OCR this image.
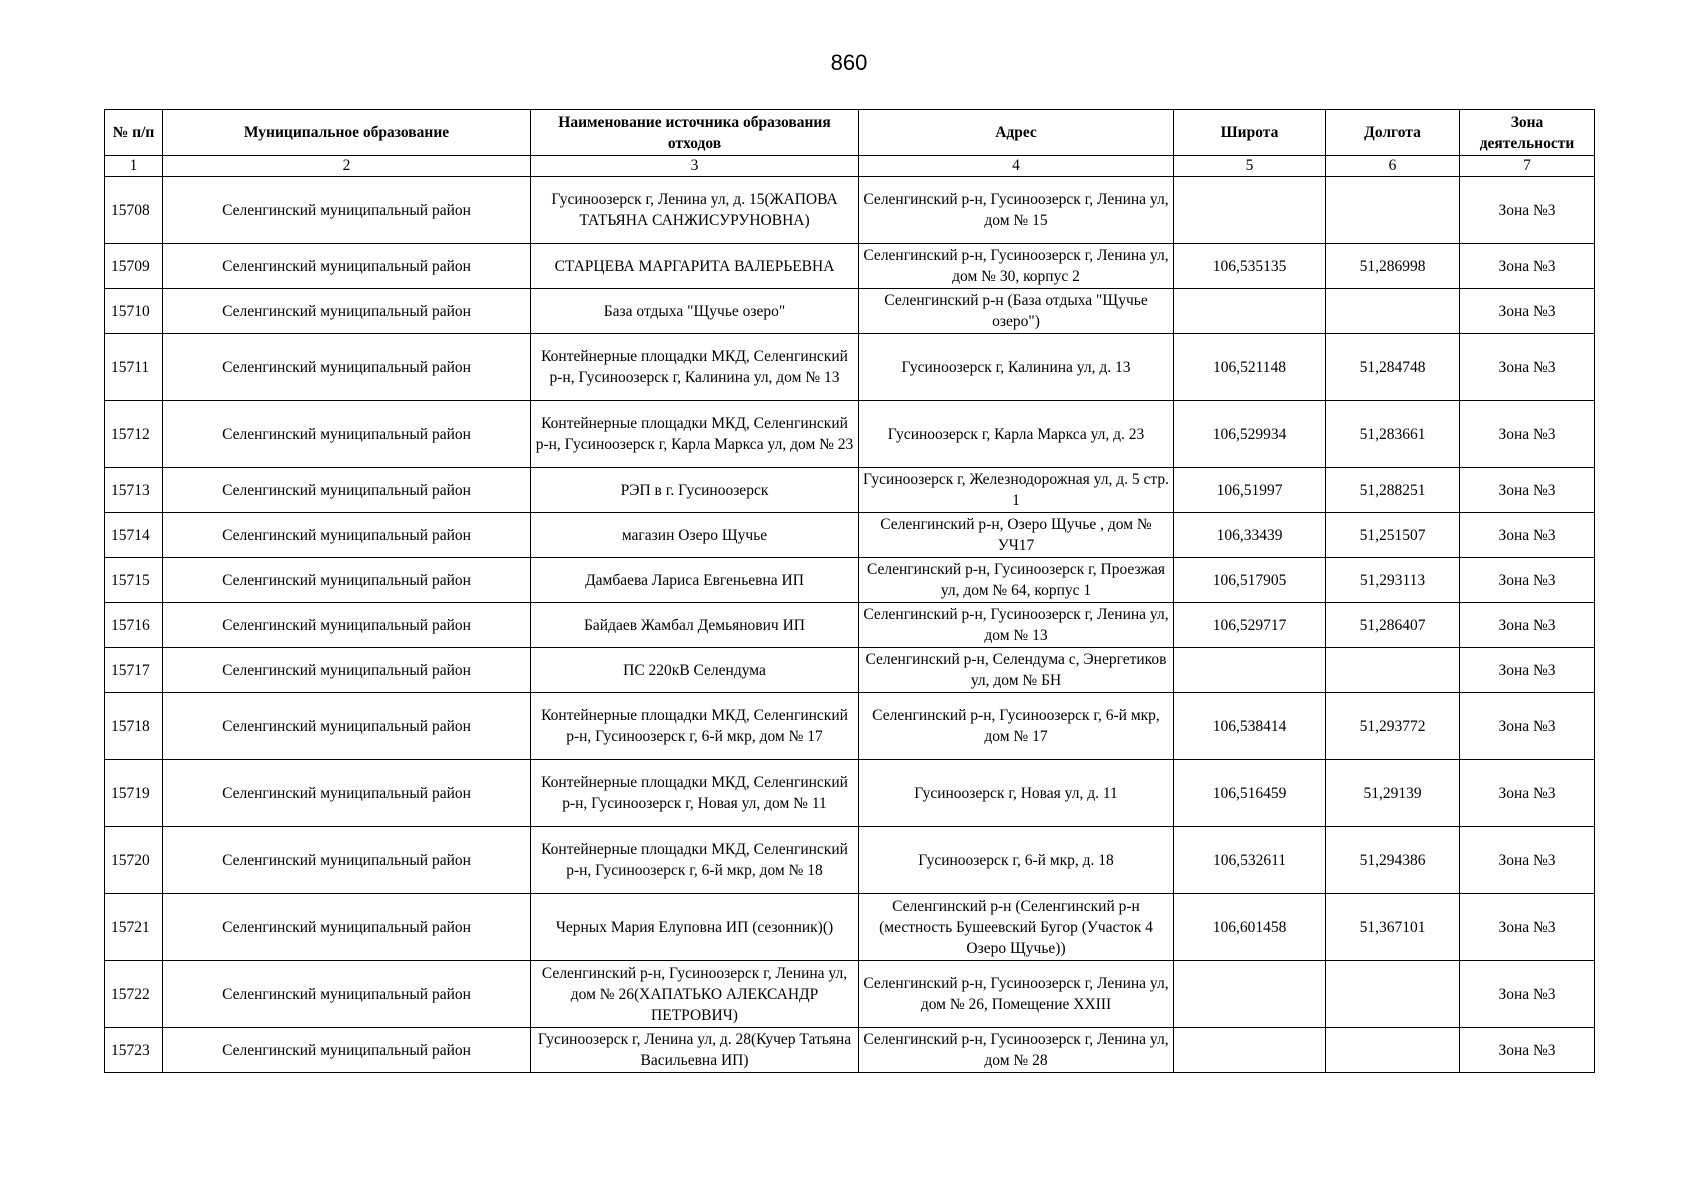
860
№ п/п	Муниципальное образование	Наименование источника образования отходов	Адрес	Широта	Долгота	Зона деятельности
1	2	3	4	5	6	7
15708	Селенгинский муниципальный район	Гусиноозерск г, Ленина ул, д. 15(ЖАПОВА ТАТЬЯНА САНЖИСУРУНОВНА)	Селенгинский р-н, Гусиноозерск г, Ленина ул, дом № 15			Зона №3
15709	Селенгинский муниципальный район	СТАРЦЕВА МАРГАРИТА ВАЛЕРЬЕВНА	Селенгинский р-н, Гусиноозерск г, Ленина ул, дом № 30, корпус 2	106,535135	51,286998	Зона №3
15710	Селенгинский муниципальный район	База отдыха "Щучье озеро"	Селенгинский р-н (База отдыха "Щучье озеро")			Зона №3
15711	Селенгинский муниципальный район	Контейнерные площадки МКД, Селенгинский р-н, Гусиноозерск г, Калинина ул, дом № 13	Гусиноозерск г, Калинина ул, д. 13	106,521148	51,284748	Зона №3
15712	Селенгинский муниципальный район	Контейнерные площадки МКД, Селенгинский р-н, Гусиноозерск г, Карла Маркса ул, дом № 23	Гусиноозерск г, Карла Маркса ул, д. 23	106,529934	51,283661	Зона №3
15713	Селенгинский муниципальный район	РЭП в г. Гусиноозерск	Гусиноозерск г, Железнодорожная ул, д. 5 стр. 1	106,51997	51,288251	Зона №3
15714	Селенгинский муниципальный район	магазин Озеро Щучье	Селенгинский р-н, Озеро Щучье , дом № УЧ17	106,33439	51,251507	Зона №3
15715	Селенгинский муниципальный район	Дамбаева Лариса Евгеньевна ИП	Селенгинский р-н, Гусиноозерск г, Проезжая ул, дом № 64, корпус 1	106,517905	51,293113	Зона №3
15716	Селенгинский муниципальный район	Байдаев Жамбал Демьянович ИП	Селенгинский р-н, Гусиноозерск г, Ленина ул, дом № 13	106,529717	51,286407	Зона №3
15717	Селенгинский муниципальный район	ПС 220кВ Селендума	Селенгинский р-н, Селендума с, Энергетиков ул, дом № БН			Зона №3
15718	Селенгинский муниципальный район	Контейнерные площадки МКД, Селенгинский р-н, Гусиноозерск г, 6-й мкр, дом № 17	Селенгинский р-н, Гусиноозерск г, 6-й мкр, дом № 17	106,538414	51,293772	Зона №3
15719	Селенгинский муниципальный район	Контейнерные площадки МКД, Селенгинский р-н, Гусиноозерск г, Новая ул, дом № 11	Гусиноозерск г, Новая ул, д. 11	106,516459	51,29139	Зона №3
15720	Селенгинский муниципальный район	Контейнерные площадки МКД, Селенгинский р-н, Гусиноозерск г, 6-й мкр, дом № 18	Гусиноозерск г, 6-й мкр, д. 18	106,532611	51,294386	Зона №3
15721	Селенгинский муниципальный район	Черных Мария Елуповна ИП (сезонник)()	Селенгинский р-н (Селенгинский р-н (местность Бушеевский Бугор (Участок 4 Озеро Щучье))	106,601458	51,367101	Зона №3
15722	Селенгинский муниципальный район	Селенгинский р-н, Гусиноозерск г, Ленина ул, дом № 26(ХАПАТЬКО АЛЕКСАНДР ПЕТРОВИЧ)	Селенгинский р-н, Гусиноозерск г, Ленина ул, дом № 26, Помещение XXIII			Зона №3
15723	Селенгинский муниципальный район	Гусиноозерск г, Ленина ул, д. 28(Кучер Татьяна Васильевна ИП)	Селенгинский р-н, Гусиноозерск г, Ленина ул, дом № 28			Зона №3
